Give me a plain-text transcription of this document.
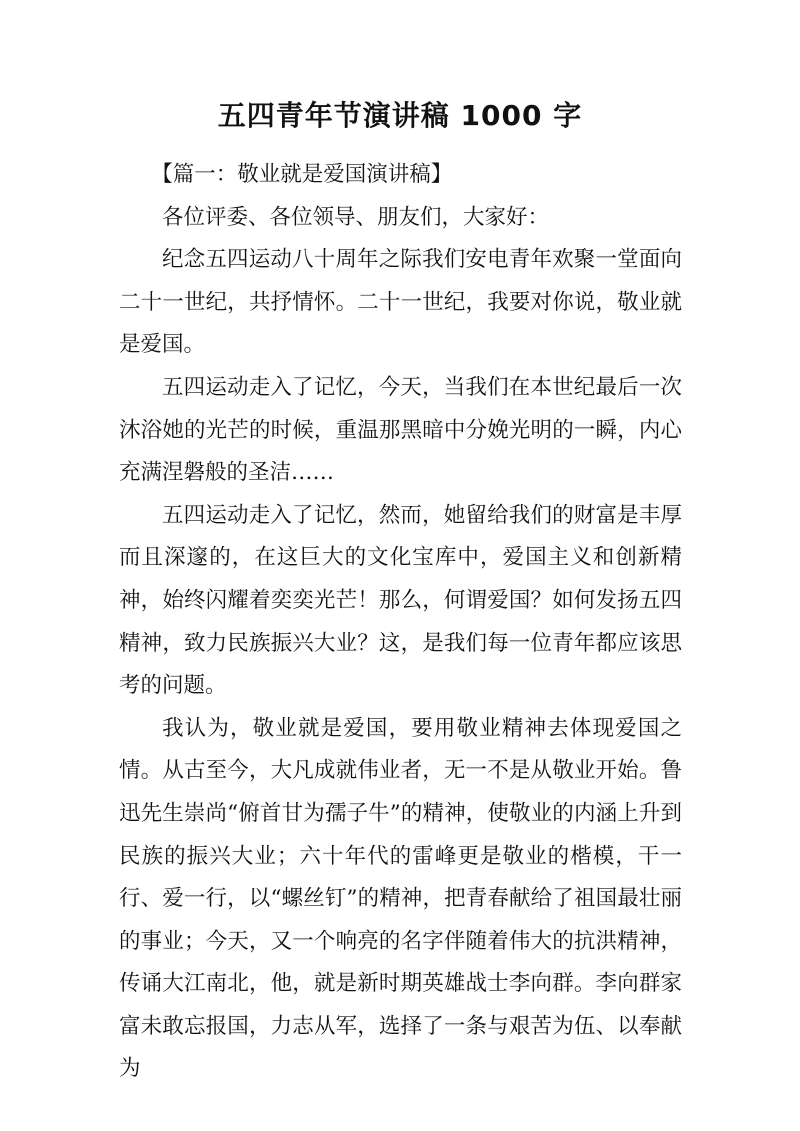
五四青年节演讲稿 1000 字

【篇一：敬业就是爱国演讲稿】

各位评委、各位领导、朋友们，大家好：

纪念五四运动八十周年之际我们安电青年欢聚一堂面向二十一世纪，共抒情怀。二十一世纪，我要对你说，敬业就是爱国。

五四运动走入了记忆，今天，当我们在本世纪最后一次沐浴她的光芒的时候，重温那黑暗中分娩光明的一瞬，内心充满涅磐般的圣洁……

五四运动走入了记忆，然而，她留给我们的财富是丰厚而且深邃的，在这巨大的文化宝库中，爱国主义和创新精神，始终闪耀着奕奕光芒！那么，何谓爱国？如何发扬五四精神，致力民族振兴大业？这，是我们每一位青年都应该思考的问题。

我认为，敬业就是爱国，要用敬业精神去体现爱国之情。从古至今，大凡成就伟业者，无一不是从敬业开始。鲁迅先生崇尚“俯首甘为孺子牛”的精神，使敬业的内涵上升到民族的振兴大业；六十年代的雷峰更是敬业的楷模，干一行、爱一行，以“螺丝钉”的精神，把青春献给了祖国最壮丽的事业；今天，又一个响亮的名字伴随着伟大的抗洪精神，传诵大江南北，他，就是新时期英雄战士李向群。李向群家富未敢忘报国，力志从军，选择了一条与艰苦为伍、以奉献为
